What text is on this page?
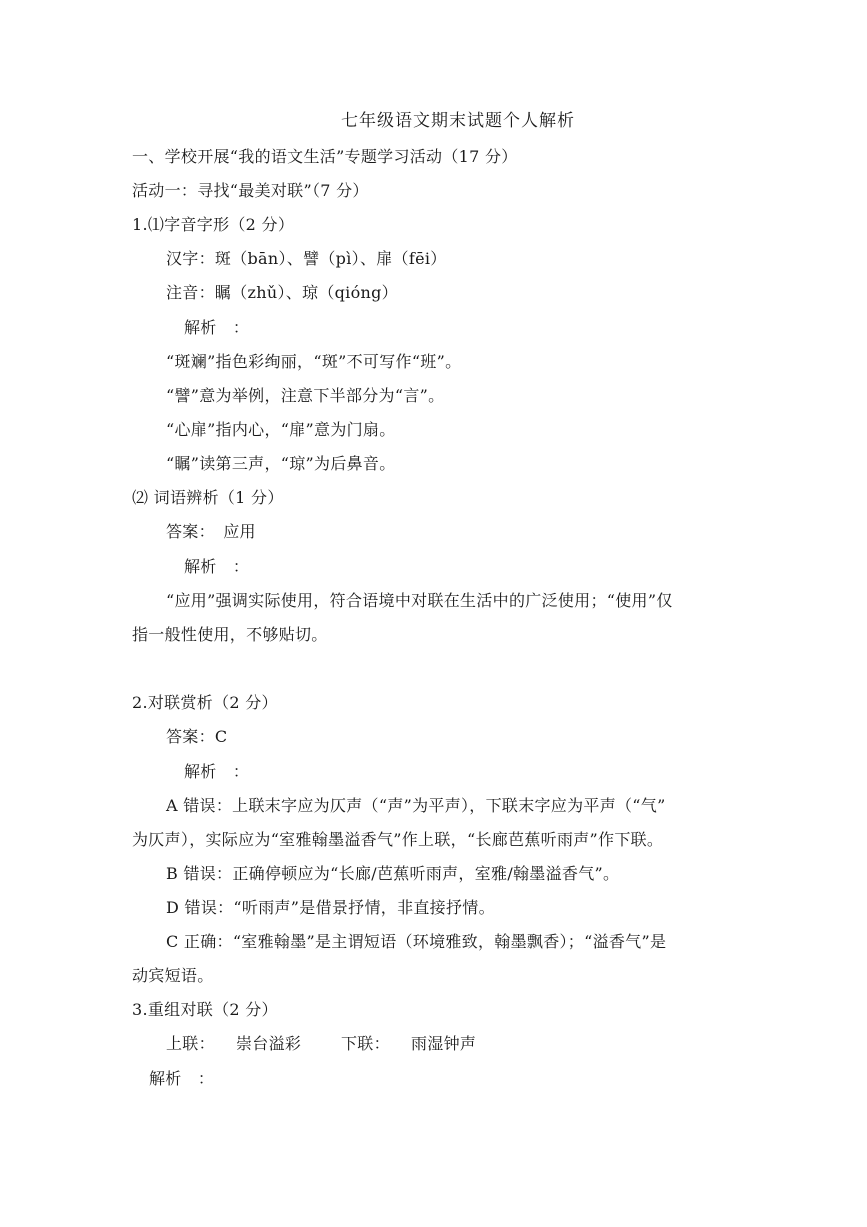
七年级语文期末试题个人解析
一、学校开展“我的语文生活”专题学习活动（17 分）
活动一：寻找“最美对联”（7 分）
1.⑴字音字形（2 分）
汉字：斑（bān）、譬（pì）、扉（fēi）
注音：瞩（zhǔ）、琼（qióng）
解析　：
“斑斓”指色彩绚丽，“斑”不可写作“班”。
“譬”意为举例，注意下半部分为“言”。
“心扉”指内心，“扉”意为门扇。
“瞩”读第三声，“琼”为后鼻音。
⑵ 词语辨析（1 分）
答案：　应用
解析　：
“应用”强调实际使用，符合语境中对联在生活中的广泛使用；“使用”仅
指一般性使用，不够贴切。
2.对联赏析（2 分）
答案：C
解析　：
A 错误：上联末字应为仄声（“声”为平声），下联末字应为平声（“气”
为仄声），实际应为“室雅翰墨溢香气”作上联，“长廊芭蕉听雨声”作下联。
B 错误：正确停顿应为“长廊/芭蕉听雨声，室雅/翰墨溢香气”。
D 错误：“听雨声”是借景抒情，非直接抒情。
C 正确：“室雅翰墨”是主谓短语（环境雅致，翰墨飘香）；“溢香气”是
动宾短语。
3.重组对联（2 分）
上联： 崇台溢彩 下联： 雨湿钟声
解析　：
